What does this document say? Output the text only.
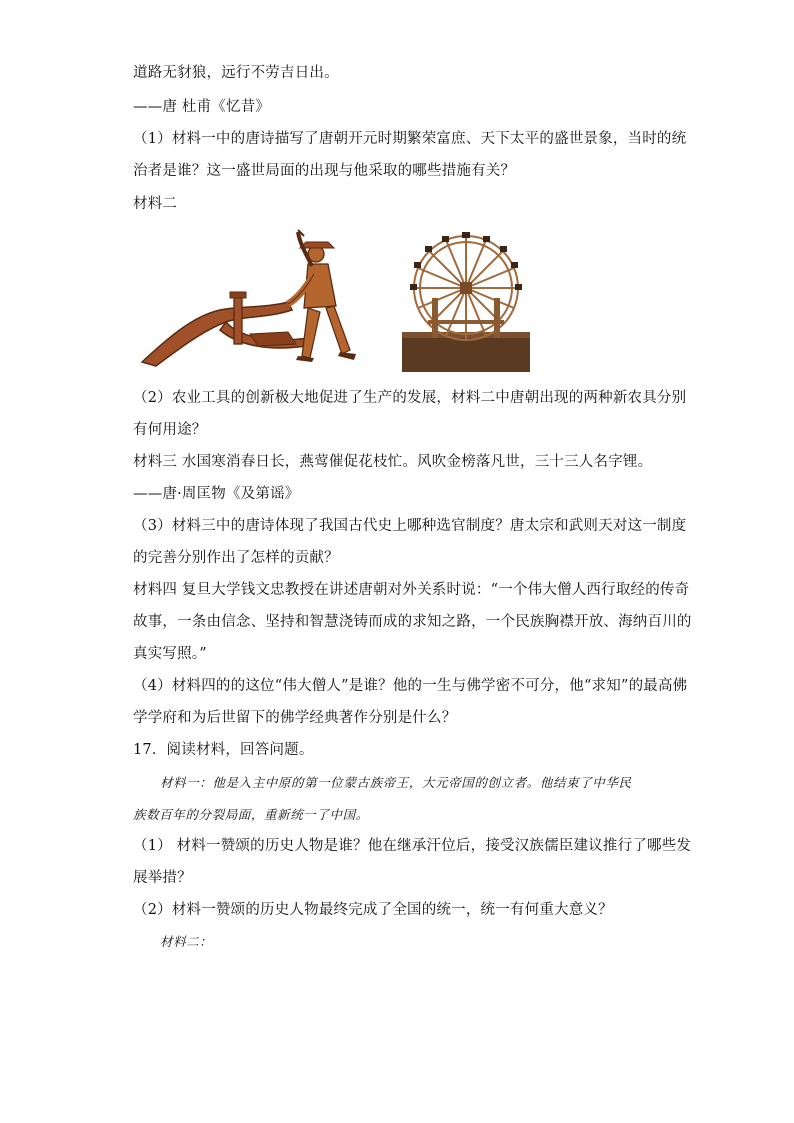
道路无豺狼，远行不劳吉日出。
——唐 杜甫《忆昔》
（1）材料一中的唐诗描写了唐朝开元时期繁荣富庶、天下太平的盛世景象，当时的统
治者是谁？这一盛世局面的出现与他采取的哪些措施有关？
材料二
（2）农业工具的创新极大地促进了生产的发展，材料二中唐朝出现的两种新农具分别
有何用途？
材料三 水国寒消春日长，燕莺催促花枝忙。风吹金榜落凡世，三十三人名字锂。
——唐·周匡物《及第谣》
（3）材料三中的唐诗体现了我国古代史上哪种选官制度？唐太宗和武则天对这一制度
的完善分别作出了怎样的贡献？
材料四 复旦大学钱文忠教授在讲述唐朝对外关系时说：“一个伟大僧人西行取经的传奇
故事，一条由信念、坚持和智慧浇铸而成的求知之路，一个民族胸襟开放、海纳百川的
真实写照。”
（4）材料四的的这位“伟大僧人”是谁？他的一生与佛学密不可分，他“求知”的最高佛
学学府和为后世留下的佛学经典著作分别是什么？
17．阅读材料，回答问题。
材料一：他是入主中原的第一位蒙古族帝王，大元帝国的创立者。他结束了中华民
族数百年的分裂局面，重新统一了中国。
（1） 材料一赞颂的历史人物是谁？他在继承汗位后，接受汉族儒臣建议推行了哪些发
展举措？
（2）材料一赞颂的历史人物最终完成了全国的统一，统一有何重大意义？
材料二：
